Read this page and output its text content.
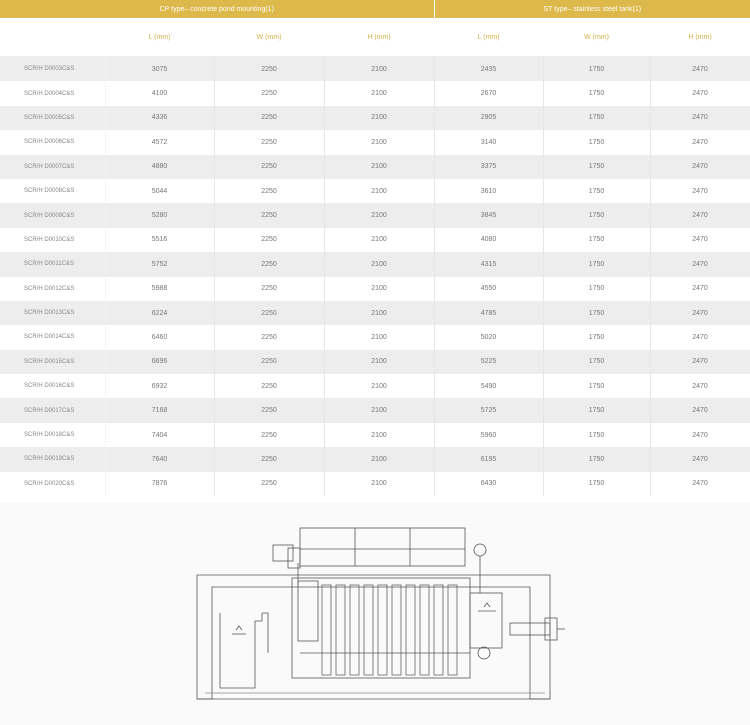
CP type– concrete pond mounting(1)				ST type– stainless steel tank(1)		
	L (mm)	W (mm)	H (mm)	L (mm)	W (mm)	H (mm)
SCR/H D0003C&S	3075	2250	2100	2435	1750	2470
SCR/H D0004C&S	4100	2250	2100	2670	1750	2470
SCR/H D0005C&S	4336	2250	2100	2905	1750	2470
SCR/H D0006C&S	4572	2250	2100	3140	1750	2470
SCR/H D0007C&S	4880	2250	2100	3375	1750	2470
SCR/H D0008C&S	5044	2250	2100	3610	1750	2470
SCR/H D0009C&S	5280	2250	2100	3845	1750	2470
SCR/H D0010C&S	5516	2250	2100	4080	1750	2470
SCR/H D0011C&S	5752	2250	2100	4315	1750	2470
SCR/H D0012C&S	5988	2250	2100	4550	1750	2470
SCR/H D0013C&S	6224	2250	2100	4785	1750	2470
SCR/H D0014C&S	6460	2250	2100	5020	1750	2470
SCR/H D0015C&S	6696	2250	2100	5225	1750	2470
SCR/H D0016C&S	6932	2250	2100	5490	1750	2470
SCR/H D0017C&S	7168	2250	2100	5725	1750	2470
SCR/H D0018C&S	7404	2250	2100	5960	1750	2470
SCR/H D0019C&S	7640	2250	2100	6195	1750	2470
SCR/H D0020C&S	7876	2250	2100	6430	1750	2470
